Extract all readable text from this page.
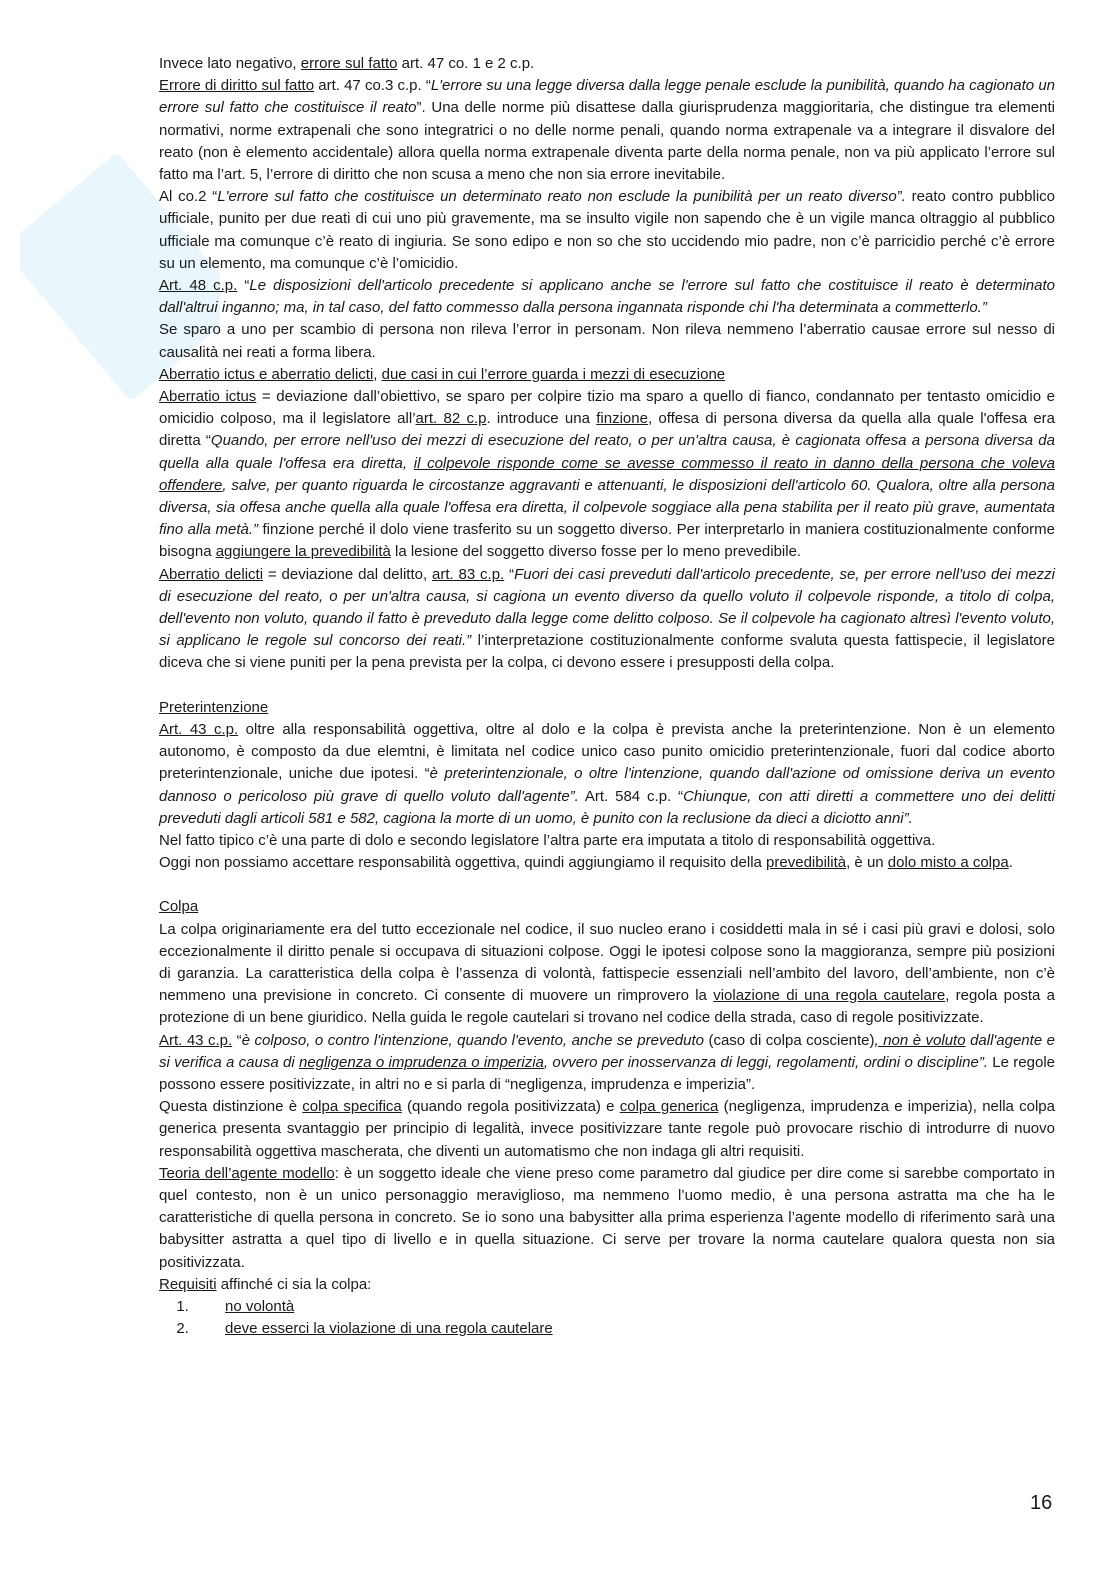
Invece lato negativo, errore sul fatto art. 47 co. 1 e 2 c.p.

Errore di diritto sul fatto art. 47 co.3 c.p. “L'errore su una legge diversa dalla legge penale esclude la punibilità, quando ha cagionato un errore sul fatto che costituisce il reato”. Una delle norme più disattese dalla giurisprudenza maggioritaria, che distingue tra elementi normativi, norme extrapenali che sono integratrici o no delle norme penali, quando norma extrapenale va a integrare il disvalore del reato (non è elemento accidentale) allora quella norma extrapenale diventa parte della norma penale, non va più applicato l’errore sul fatto ma l’art. 5, l’errore di diritto che non scusa a meno che non sia errore inevitabile.

Al co.2 “L'errore sul fatto che costituisce un determinato reato non esclude la punibilità per un reato diverso”. reato contro pubblico ufficiale, punito per due reati di cui uno più gravemente, ma se insulto vigile non sapendo che è un vigile manca oltraggio al pubblico ufficiale ma comunque c’è reato di ingiuria. Se sono edipo e non so che sto uccidendo mio padre, non c’è parricidio perché c’è errore su un elemento, ma comunque c’è l’omicidio.

Art. 48 c.p. “Le disposizioni dell'articolo precedente si applicano anche se l'errore sul fatto che costituisce il reato è determinato dall'altrui inganno; ma, in tal caso, del fatto commesso dalla persona ingannata risponde chi l'ha determinata a commetterlo.”

Se sparo a uno per scambio di persona non rileva l’error in personam. Non rileva nemmeno l’aberratio causae errore sul nesso di causalità nei reati a forma libera.

Aberratio ictus e aberratio delicti, due casi in cui l’errore guarda i mezzi di esecuzione

Aberratio ictus = deviazione dall’obiettivo, se sparo per colpire tizio ma sparo a quello di fianco, condannato per tentasto omicidio e omicidio colposo, ma il legislatore all’art. 82 c.p. introduce una finzione, offesa di persona diversa da quella alla quale l'offesa era diretta “Quando, per errore nell'uso dei mezzi di esecuzione del reato, o per un'altra causa, è cagionata offesa a persona diversa da quella alla quale l'offesa era diretta, il colpevole risponde come se avesse commesso il reato in danno della persona che voleva offendere, salve, per quanto riguarda le circostanze aggravanti e attenuanti, le disposizioni dell'articolo 60. Qualora, oltre alla persona diversa, sia offesa anche quella alla quale l'offesa era diretta, il colpevole soggiace alla pena stabilita per il reato più grave, aumentata fino alla metà.” finzione perché il dolo viene trasferito su un soggetto diverso. Per interpretarlo in maniera costituzionalmente conforme bisogna aggiungere la prevedibilità la lesione del soggetto diverso fosse per lo meno prevedibile.

Aberratio delicti = deviazione dal delitto, art. 83 c.p. “Fuori dei casi preveduti dall'articolo precedente, se, per errore nell'uso dei mezzi di esecuzione del reato, o per un'altra causa, si cagiona un evento diverso da quello voluto il colpevole risponde, a titolo di colpa, dell'evento non voluto, quando il fatto è preveduto dalla legge come delitto colposo. Se il colpevole ha cagionato altresì l'evento voluto, si applicano le regole sul concorso dei reati.” l’interpretazione costituzionalmente conforme svaluta questa fattispecie, il legislatore diceva che si viene puniti per la pena prevista per la colpa, ci devono essere i presupposti della colpa.

Preterintenzione

Art. 43 c.p. oltre alla responsabilità oggettiva, oltre al dolo e la colpa è prevista anche la preterintenzione. Non è un elemento autonomo, è composto da due elemtni, è limitata nel codice unico caso punito omicidio preterintenzionale, fuori dal codice aborto preterintenzionale, uniche due ipotesi. “è preterintenzionale, o oltre l'intenzione, quando dall'azione od omissione deriva un evento dannoso o pericoloso più grave di quello voluto dall'agente”. Art. 584 c.p. “Chiunque, con atti diretti a commettere uno dei delitti preveduti dagli articoli 581 e 582, cagiona la morte di un uomo, è punito con la reclusione da dieci a diciotto anni”.

Nel fatto tipico c’è una parte di dolo e secondo legislatore l’altra parte era imputata a titolo di responsabilità oggettiva.

Oggi non possiamo accettare responsabilità oggettiva, quindi aggiungiamo il requisito della prevedibilità, è un dolo misto a colpa.

Colpa

La colpa originariamente era del tutto eccezionale nel codice, il suo nucleo erano i cosiddetti mala in sé i casi più gravi e dolosi, solo eccezionalmente il diritto penale si occupava di situazioni colpose. Oggi le ipotesi colpose sono la maggioranza, sempre più posizioni di garanzia. La caratteristica della colpa è l’assenza di volontà, fattispecie essenziali nell’ambito del lavoro, dell’ambiente, non c’è nemmeno una previsione in concreto. Ci consente di muovere un rimprovero la violazione di una regola cautelare, regola posta a protezione di un bene giuridico. Nella guida le regole cautelari si trovano nel codice della strada, caso di regole positivizzate.

Art. 43 c.p. “è colposo, o contro l'intenzione, quando l'evento, anche se preveduto (caso di colpa cosciente), non è voluto dall'agente e si verifica a causa di negligenza o imprudenza o imperizia, ovvero per inosservanza di leggi, regolamenti, ordini o discipline”. Le regole possono essere positivizzate, in altri no e si parla di “negligenza, imprudenza e imperizia”.

Questa distinzione è colpa specifica (quando regola positivizzata) e colpa generica (negligenza, imprudenza e imperizia), nella colpa generica presenta svantaggio per principio di legalità, invece positivizzare tante regole può provocare rischio di introdurre di nuovo responsabilità oggettiva mascherata, che diventi un automatismo che non indaga gli altri requisiti.

Teoria dell’agente modello: è un soggetto ideale che viene preso come parametro dal giudice per dire come si sarebbe comportato in quel contesto, non è un unico personaggio meraviglioso, ma nemmeno l’uomo medio, è una persona astratta ma che ha le caratteristiche di quella persona in concreto. Se io sono una babysitter alla prima esperienza l’agente modello di riferimento sarà una babysitter astratta a quel tipo di livello e in quella situazione. Ci serve per trovare la norma cautelare qualora questa non sia positivizzata.

Requisiti affinché ci sia la colpa:

1. no volontà
2. deve esserci la violazione di una regola cautelare
16
